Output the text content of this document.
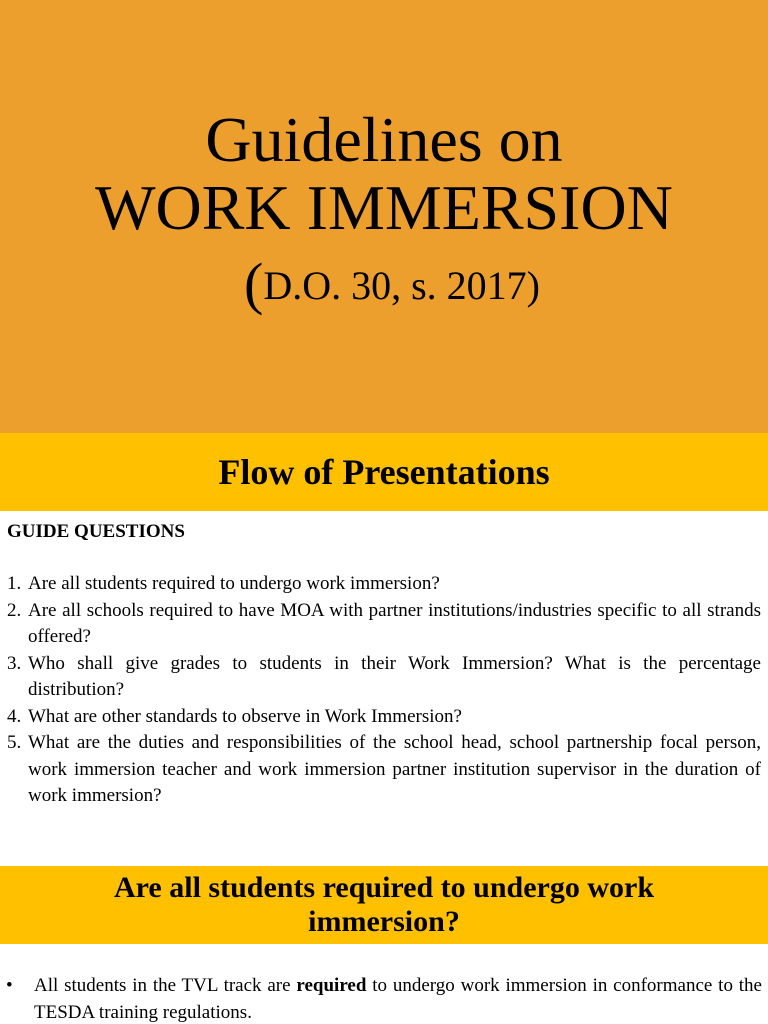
Guidelines on
WORK IMMERSION
(D.O. 30, s. 2017)
Flow of Presentations
GUIDE QUESTIONS
1. Are all students required to undergo work immersion?
2. Are all schools required to have MOA with partner institutions/industries specific to all strands offered?
3. Who shall give grades to students in their Work Immersion? What is the percentage distribution?
4. What are other standards to observe in Work Immersion?
5. What are the duties and responsibilities of the school head, school partnership focal person, work immersion teacher and work immersion partner institution supervisor in the duration of work immersion?
Are all students required to undergo work
immersion?
•	All students in the TVL track are required to undergo work immersion in conformance to the TESDA training regulations.
